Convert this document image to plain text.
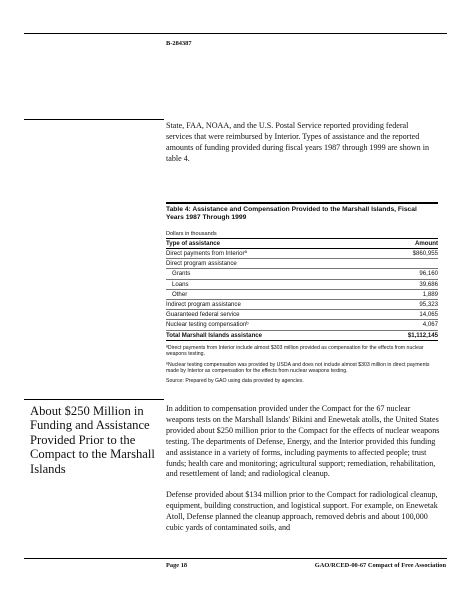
B-284387
State, FAA, NOAA, and the U.S. Postal Service reported providing federal services that were reimbursed by Interior. Types of assistance and the reported amounts of funding provided during fiscal years 1987 through 1999 are shown in table 4.
Table 4: Assistance and Compensation Provided to the Marshall Islands, Fiscal Years 1987 Through 1999
Dollars in thousands
Type of assistance	Amount
Direct payments from Interiorª	$860,955
Direct program assistance
Grants	96,160
Loans	39,686
Other	1,889
Indirect program assistance	95,323
Guaranteed federal service	14,065
Nuclear testing compensationᵇ	4,067
Total Marshall Islands assistance	$1,112,145
ªDirect payments from Interior include almost $303 million provided as compensation for the effects from nuclear weapons testing.
ᵇNuclear testing compensation was provided by USDA and does not include almost $303 million in direct payments made by Interior as compensation for the effects from nuclear weapons testing.
Source: Prepared by GAO using data provided by agencies.
About $250 Million in Funding and Assistance Provided Prior to the Compact to the Marshall Islands

In addition to compensation provided under the Compact for the 67 nuclear weapons tests on the Marshall Islands' Bikini and Enewetak atolls, the United States provided about $250 million prior to the Compact for the effects of nuclear weapons testing. The departments of Defense, Energy, and the Interior provided this funding and assistance in a variety of forms, including payments to affected people; trust funds; health care and monitoring; agricultural support; remediation, rehabilitation, and resettlement of land; and radiological cleanup.

Defense provided about $134 million prior to the Compact for radiological cleanup, equipment, building construction, and logistical support. For example, on Enewetak Atoll, Defense planned the cleanup approach, removed debris and about 100,000 cubic yards of contaminated soils, and

Page 18	GAO/RCED-00-67 Compact of Free Association
